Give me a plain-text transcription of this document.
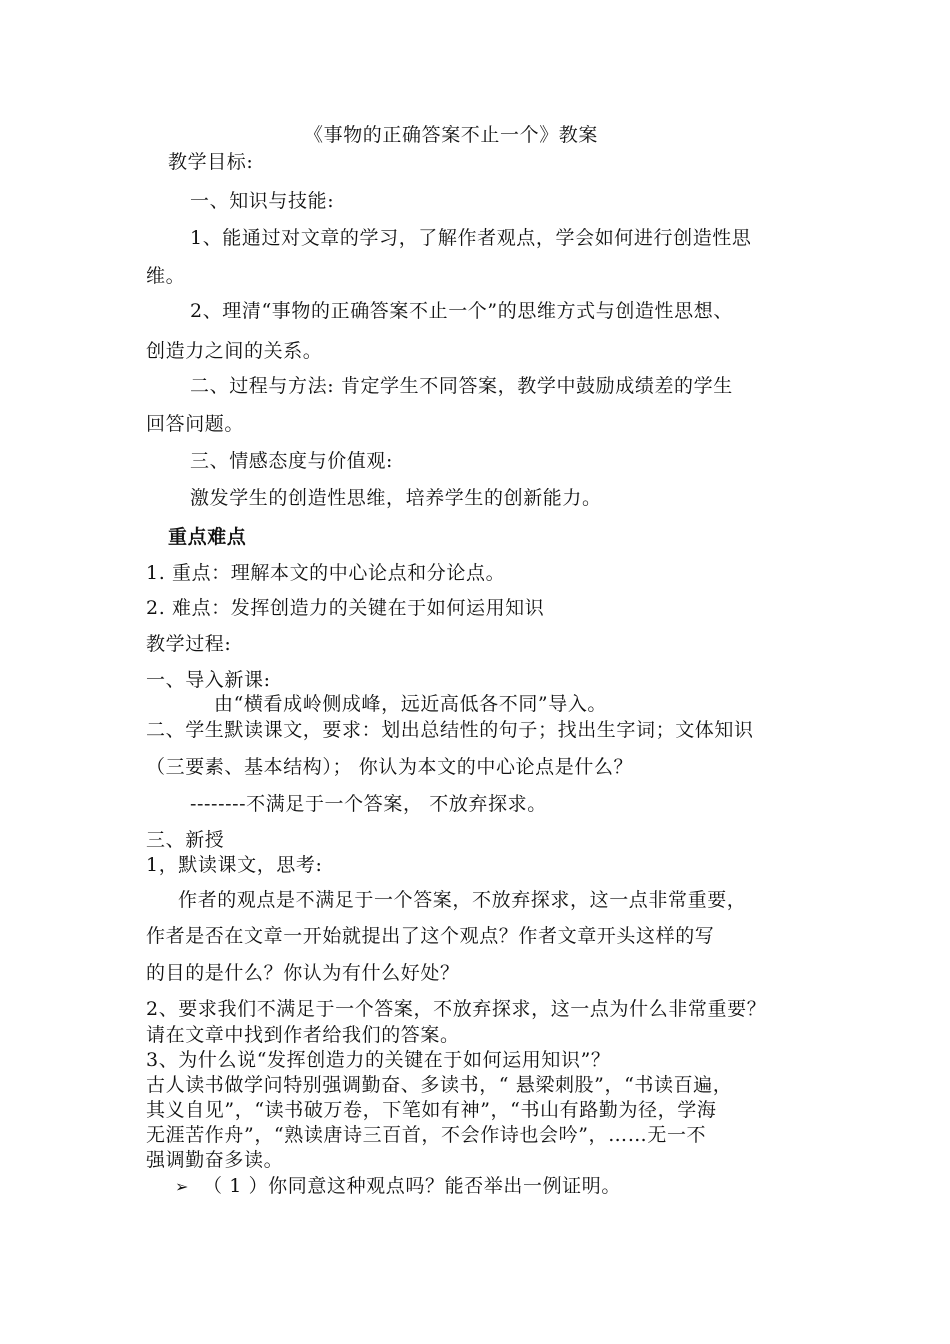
《事物的正确答案不止一个》教案
教学目标:
一、知识与技能:
1、能通过对文章的学习，了解作者观点，学会如何进行创造性思
维。
2、理清“事物的正确答案不止一个”的思维方式与创造性思想、
创造力之间的关系。
二、过程与方法: 肯定学生不同答案，教学中鼓励成绩差的学生
回答问题。
三、情感态度与价值观:
激发学生的创造性思维，培养学生的创新能力。
重点难点
1. 重点：理解本文的中心论点和分论点。
2. 难点：发挥创造力的关键在于如何运用知识
教学过程:
一、导入新课:
由“横看成岭侧成峰，远近高低各不同”导入。
二、学生默读课文，要求：划出总结性的句子；找出生字词；文体知识
（三要素、基本结构）； 你认为本文的中心论点是什么？
--------不满足于一个答案， 不放弃探求。
三、新授
1，默读课文，思考:
作者的观点是不满足于一个答案，不放弃探求，这一点非常重要，
作者是否在文章一开始就提出了这个观点？作者文章开头这样的写
的目的是什么？你认为有什么好处？
2、要求我们不满足于一个答案，不放弃探求，这一点为什么非常重要？
请在文章中找到作者给我们的答案。
3、为什么说“发挥创造力的关键在于如何运用知识”？
古人读书做学问特别强调勤奋、多读书，“ 悬梁刺股”，“书读百遍，
其义自见”，“读书破万卷，下笔如有神”，“书山有路勤为径，学海
无涯苦作舟”，“熟读唐诗三百首，不会作诗也会吟”，……无一不
强调勤奋多读。
➢ （ 1 ）你同意这种观点吗？能否举出一例证明。
